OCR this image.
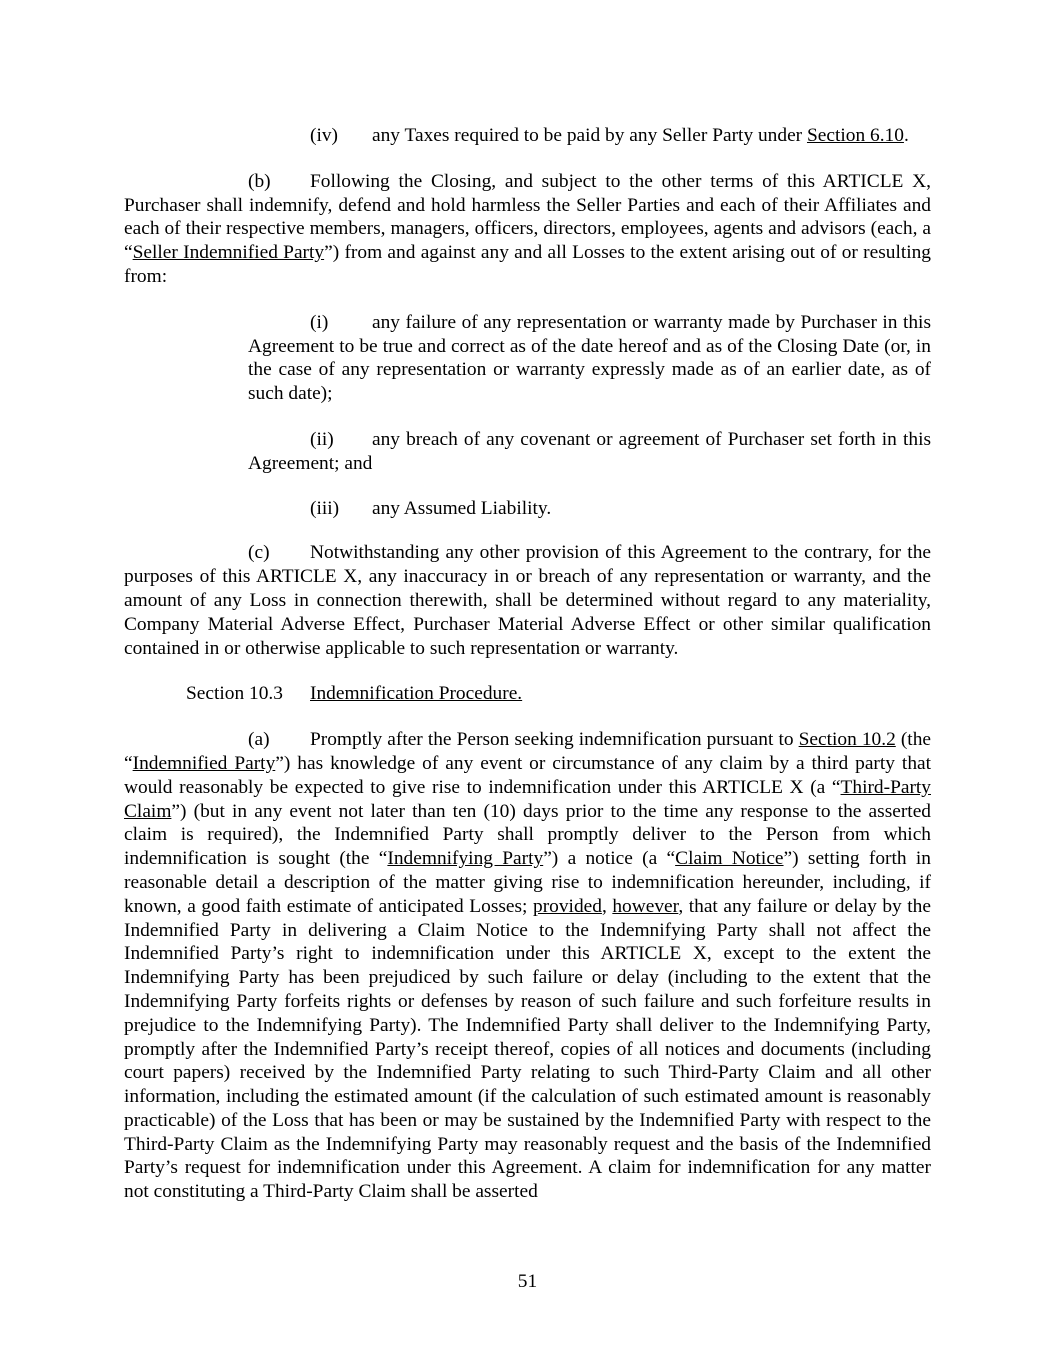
(iv) any Taxes required to be paid by any Seller Party under Section 6.10.

(b) Following the Closing, and subject to the other terms of this ARTICLE X, Purchaser shall indemnify, defend and hold harmless the Seller Parties and each of their Affiliates and each of their respective members, managers, officers, directors, employees, agents and advisors (each, a “Seller Indemnified Party”) from and against any and all Losses to the extent arising out of or resulting from:

(i) any failure of any representation or warranty made by Purchaser in this Agreement to be true and correct as of the date hereof and as of the Closing Date (or, in the case of any representation or warranty expressly made as of an earlier date, as of such date);

(ii) any breach of any covenant or agreement of Purchaser set forth in this Agreement; and

(iii) any Assumed Liability.

(c) Notwithstanding any other provision of this Agreement to the contrary, for the purposes of this ARTICLE X, any inaccuracy in or breach of any representation or warranty, and the amount of any Loss in connection therewith, shall be determined without regard to any materiality, Company Material Adverse Effect, Purchaser Material Adverse Effect or other similar qualification contained in or otherwise applicable to such representation or warranty.

Section 10.3 Indemnification Procedure.

(a) Promptly after the Person seeking indemnification pursuant to Section 10.2 (the “Indemnified Party”) has knowledge of any event or circumstance of any claim by a third party that would reasonably be expected to give rise to indemnification under this ARTICLE X (a “Third-Party Claim”) (but in any event not later than ten (10) days prior to the time any response to the asserted claim is required), the Indemnified Party shall promptly deliver to the Person from which indemnification is sought (the “Indemnifying Party”) a notice (a “Claim Notice”) setting forth in reasonable detail a description of the matter giving rise to indemnification hereunder, including, if known, a good faith estimate of anticipated Losses; provided, however, that any failure or delay by the Indemnified Party in delivering a Claim Notice to the Indemnifying Party shall not affect the Indemnified Party’s right to indemnification under this ARTICLE X, except to the extent the Indemnifying Party has been prejudiced by such failure or delay (including to the extent that the Indemnifying Party forfeits rights or defenses by reason of such failure and such forfeiture results in prejudice to the Indemnifying Party). The Indemnified Party shall deliver to the Indemnifying Party, promptly after the Indemnified Party’s receipt thereof, copies of all notices and documents (including court papers) received by the Indemnified Party relating to such Third-Party Claim and all other information, including the estimated amount (if the calculation of such estimated amount is reasonably practicable) of the Loss that has been or may be sustained by the Indemnified Party with respect to the Third-Party Claim as the Indemnifying Party may reasonably request and the basis of the Indemnified Party’s request for indemnification under this Agreement. A claim for indemnification for any matter not constituting a Third-Party Claim shall be asserted

51
